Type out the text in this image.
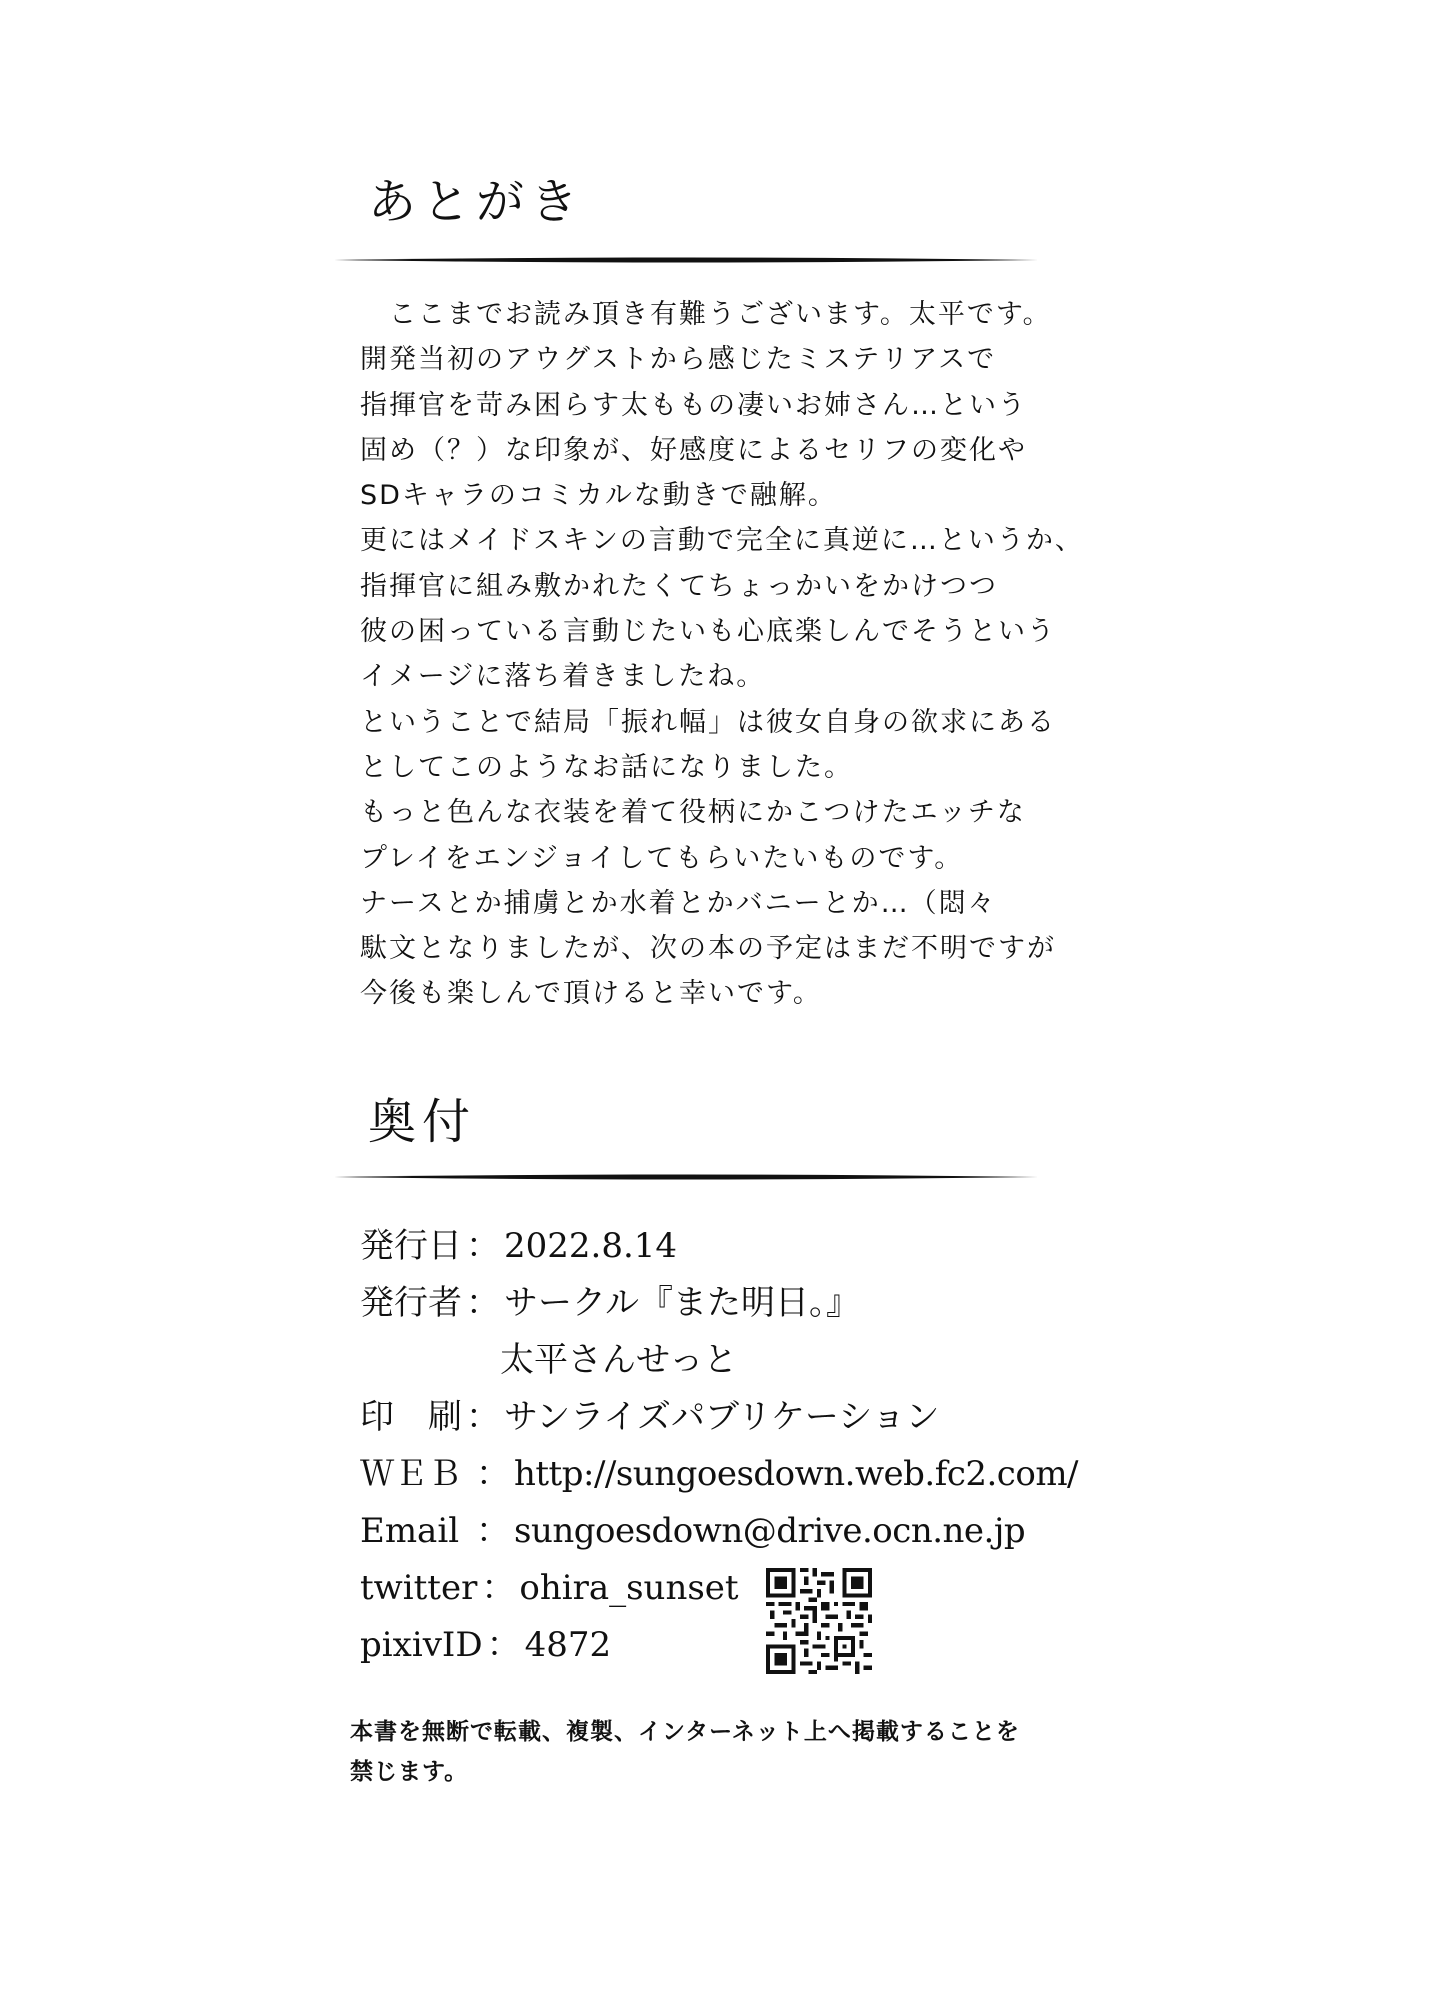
あとがき
　ここまでお読み頂き有難うございます。太平です。
開発当初のアウグストから感じたミステリアスで
指揮官を苛み困らす太ももの凄いお姉さん…という
固め（？）な印象が、好感度によるセリフの変化や
SDキャラのコミカルな動きで融解。
更にはメイドスキンの言動で完全に真逆に…というか、
指揮官に組み敷かれたくてちょっかいをかけつつ
彼の困っている言動じたいも心底楽しんでそうという
イメージに落ち着きましたね。
ということで結局「振れ幅」は彼女自身の欲求にある
としてこのようなお話になりました。
もっと色んな衣装を着て役柄にかこつけたエッチな
プレイをエンジョイしてもらいたいものです。
ナースとか捕虜とか水着とかバニーとか…（悶々
駄文となりましたが、次の本の予定はまだ不明ですが
今後も楽しんで頂けると幸いです。
奥付
発行日 ： 2022.8.14
発行者 ： サークル『また明日。』
太平さんせっと
印　刷 ： サンライズパブリケーション
ＷＥＢ ： http://sungoesdown.web.fc2.com/
Email ： sungoesdown@drive.ocn.ne.jp
twitter ： ohira_sunset
pixivID ： 4872
本書を無断で転載、複製、インターネット上へ掲載することを
禁じます。
